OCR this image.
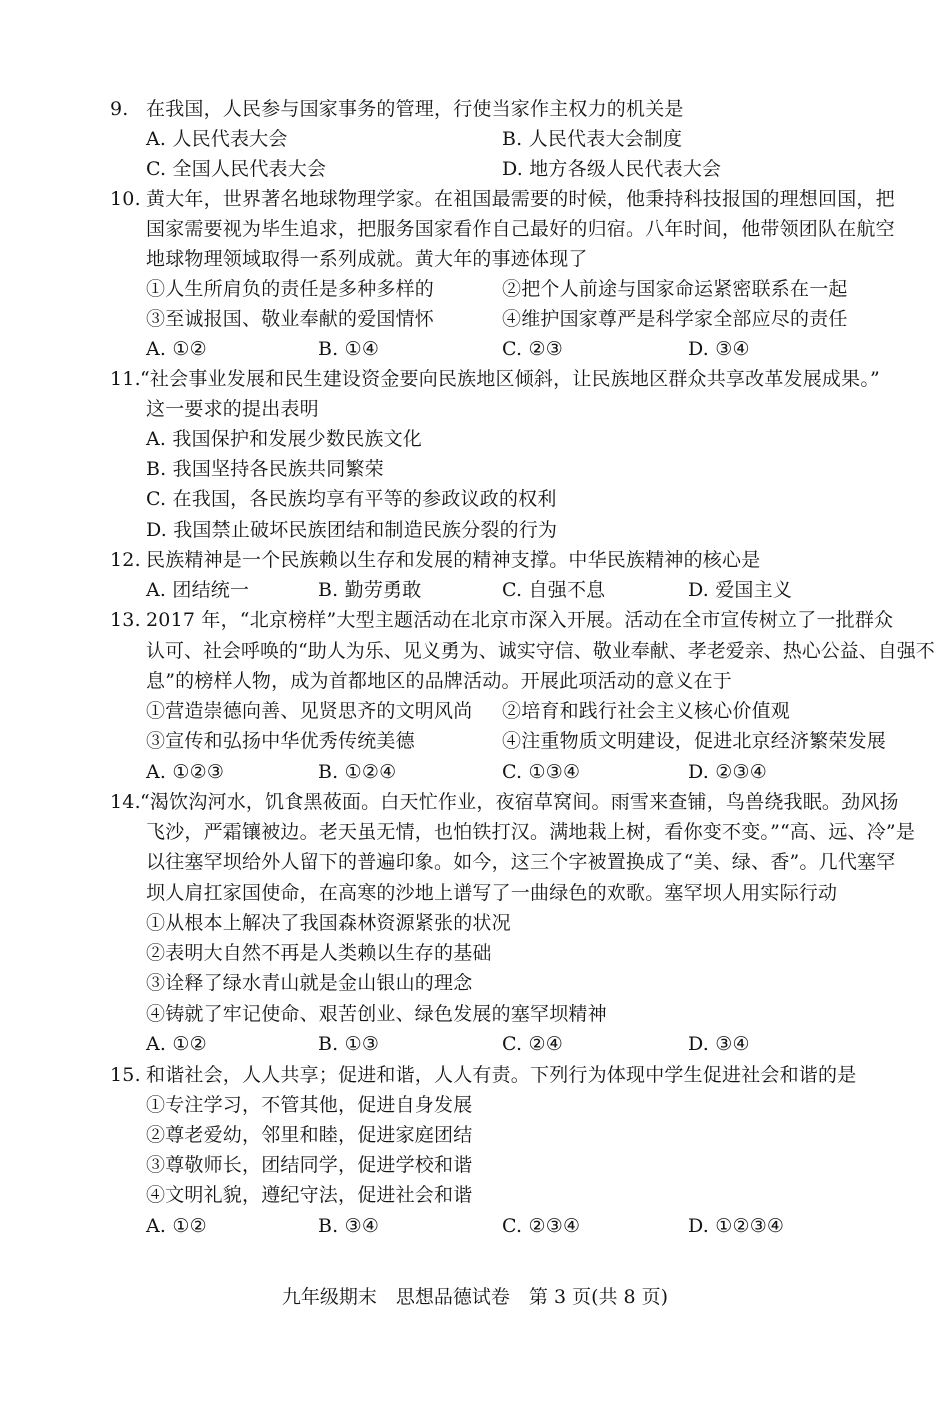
9. 在我国，人民参与国家事务的管理，行使当家作主权力的机关是
A. 人民代表大会	B. 人民代表大会制度
C. 全国人民代表大会	D. 地方各级人民代表大会
10. 黄大年，世界著名地球物理学家。在祖国最需要的时候，他秉持科技报国的理想回国，把
国家需要视为毕生追求，把服务国家看作自己最好的归宿。八年时间，他带领团队在航空
地球物理领域取得一系列成就。黄大年的事迹体现了
①人生所肩负的责任是多种多样的	②把个人前途与国家命运紧密联系在一起
③至诚报国、敬业奉献的爱国情怀	④维护国家尊严是科学家全部应尽的责任
A. ①②	B. ①④	C. ②③	D. ③④
11. “社会事业发展和民生建设资金要向民族地区倾斜，让民族地区群众共享改革发展成果。”
这一要求的提出表明
A. 我国保护和发展少数民族文化
B. 我国坚持各民族共同繁荣
C. 在我国，各民族均享有平等的参政议政的权利
D. 我国禁止破坏民族团结和制造民族分裂的行为
12. 民族精神是一个民族赖以生存和发展的精神支撑。中华民族精神的核心是
A. 团结统一	B. 勤劳勇敢	C. 自强不息	D. 爱国主义
13. 2017 年，“北京榜样”大型主题活动在北京市深入开展。活动在全市宣传树立了一批群众
认可、社会呼唤的“助人为乐、见义勇为、诚实守信、敬业奉献、孝老爱亲、热心公益、自强不
息”的榜样人物，成为首都地区的品牌活动。开展此项活动的意义在于
①营造崇德向善、见贤思齐的文明风尚 ②培育和践行社会主义核心价值观
③宣传和弘扬中华优秀传统美德	④注重物质文明建设，促进北京经济繁荣发展
A. ①②③	B. ①②④	C. ①③④	D. ②③④
14. “渴饮沟河水，饥食黑莜面。白天忙作业，夜宿草窝间。雨雪来查铺，鸟兽绕我眠。劲风扬
飞沙，严霜镶被边。老天虽无情，也怕铁打汉。满地栽上树，看你变不变。”“高、远、冷”是
以往塞罕坝给外人留下的普遍印象。如今，这三个字被置换成了“美、绿、香”。几代塞罕
坝人肩扛家国使命，在高寒的沙地上谱写了一曲绿色的欢歌。塞罕坝人用实际行动
①从根本上解决了我国森林资源紧张的状况
②表明大自然不再是人类赖以生存的基础
③诠释了绿水青山就是金山银山的理念
④铸就了牢记使命、艰苦创业、绿色发展的塞罕坝精神
A. ①②	B. ①③	C. ②④	D. ③④
15. 和谐社会，人人共享；促进和谐，人人有责。下列行为体现中学生促进社会和谐的是
①专注学习，不管其他，促进自身发展
②尊老爱幼，邻里和睦，促进家庭团结
③尊敬师长，团结同学，促进学校和谐
④文明礼貌，遵纪守法，促进社会和谐
A. ①②	B. ③④	C. ②③④	D. ①②③④
九年级期末　思想品德试卷　第 3 页(共 8 页)
